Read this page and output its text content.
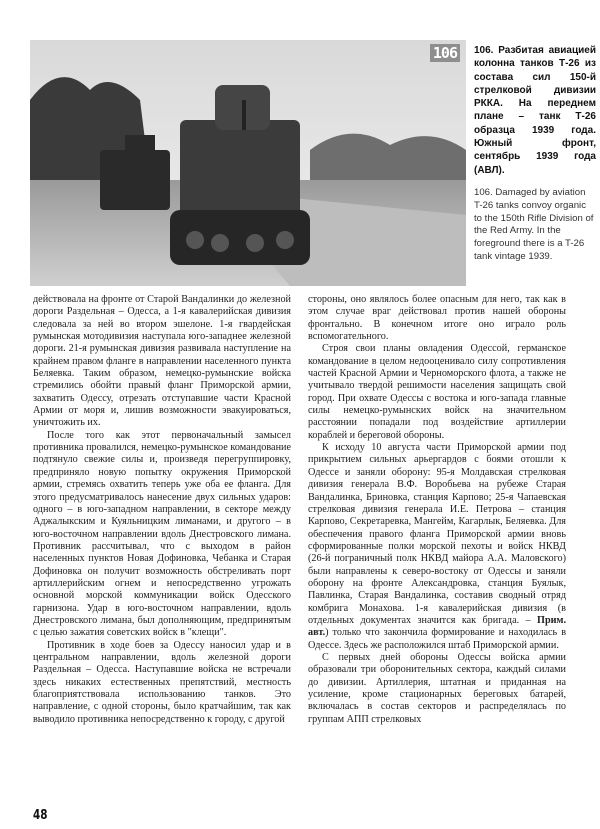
106	106. Разбитая авиацией колонна танков Т-26 из состава сил 150-й стрелковой дивизии РККА. На переднем плане – танк Т-26 образца 1939 года. Южный фронт, сентябрь 1939 года (АВЛ).
106. Damaged by aviation T-26 tanks convoy organic to the 150th Rifle Division of the Red Army. In the foreground there is a T-26 tank vintage 1939.

действовала на фронте от Старой Вандалинки до железной дороги Раздельная – Одесса, а 1-я кавалерийская дивизия следовала за ней во втором эшелоне. 1-я гвардейская румынская мотодивизия наступала юго-западнее железной дороги. 21-я румынская дивизия развивала наступление на крайнем правом фланге в направлении населенного пункта Беляевка. Таким образом, немецко-румынские войска стремились обойти правый фланг Приморской армии, захватить Одессу, отрезать отступавшие части Красной Армии от моря и, лишив возможности эвакуироваться, уничтожить их.

После того как этот первоначальный замысел противника провалился, немецко-румынское командование подтянуло свежие силы и, произведя перегруппировку, предприняло новую попытку окружения Приморской армии, стремясь охватить теперь уже оба ее фланга. Для этого предусматривалось нанесение двух сильных ударов: одного – в юго-западном направлении, в секторе между Аджалыкским и Куяльницким лиманами, и другого – в юго-восточном направлении вдоль Днестровского лимана. Противник рассчитывал, что с выходом в район населенных пунктов Новая Дофиновка, Чебанка и Старая Дофиновка он получит возможность обстреливать порт артиллерийским огнем и непосредственно угрожать основной морской коммуникации войск Одесского гарнизона. Удар в юго-восточном направлении, вдоль Днестровского лимана, был дополняющим, предпринятым с целью зажатия советских войск в "клещи".

Противник в ходе боев за Одессу наносил удар и в центральном направлении, вдоль железной дороги Раздельная – Одесса. Наступавшие войска не встречали здесь никаких естественных препятствий, местность благоприятствовала использованию танков. Это направление, с одной стороны, было кратчайшим, так как выводило противника непосредственно к городу, с другой

стороны, оно являлось более опасным для него, так как в этом случае враг действовал против нашей обороны фронтально. В конечном итоге оно играло роль вспомогательного.

Строя свои планы овладения Одессой, германское командование в целом недооценивало силу сопротивления частей Красной Армии и Черноморского флота, а также не учитывало твердой решимости населения защищать свой город. При охвате Одессы с востока и юго-запада главные силы немецко-румынских войск на значительном расстоянии попадали под воздействие артиллерии кораблей и береговой обороны.

К исходу 10 августа части Приморской армии под прикрытием сильных арьергардов с боями отошли к Одессе и заняли оборону: 95-я Молдавская стрелковая дивизия генерала В.Ф. Воробьева на рубеже Старая Вандалинка, Бриновка, станция Карпово; 25-я Чапаевская стрелковая дивизия генерала И.Е. Петрова – станция Карпово, Секретаревка, Мангейм, Кагарлык, Беляевка. Для обеспечения правого фланга Приморской армии вновь сформированные полки морской пехоты и войск НКВД (26-й пограничный полк НКВД майора А.А. Маловского) были направлены к северо-востоку от Одессы и заняли оборону на фронте Александровка, станция Буялык, Павлинка, Старая Вандалинка, составив сводный отряд комбрига Монахова. 1-я кавалерийская дивизия (в отдельных документах значится как бригада. – Прим. авт.) только что закончила формирование и находилась в Одессе. Здесь же расположился штаб Приморской армии.

С первых дней обороны Одессы войска армии образовали три оборонительных сектора, каждый силами до дивизии. Артиллерия, штатная и приданная на усиление, кроме стационарных береговых батарей, включалась в состав секторов и распределялась по группам АПП стрелковых

48
